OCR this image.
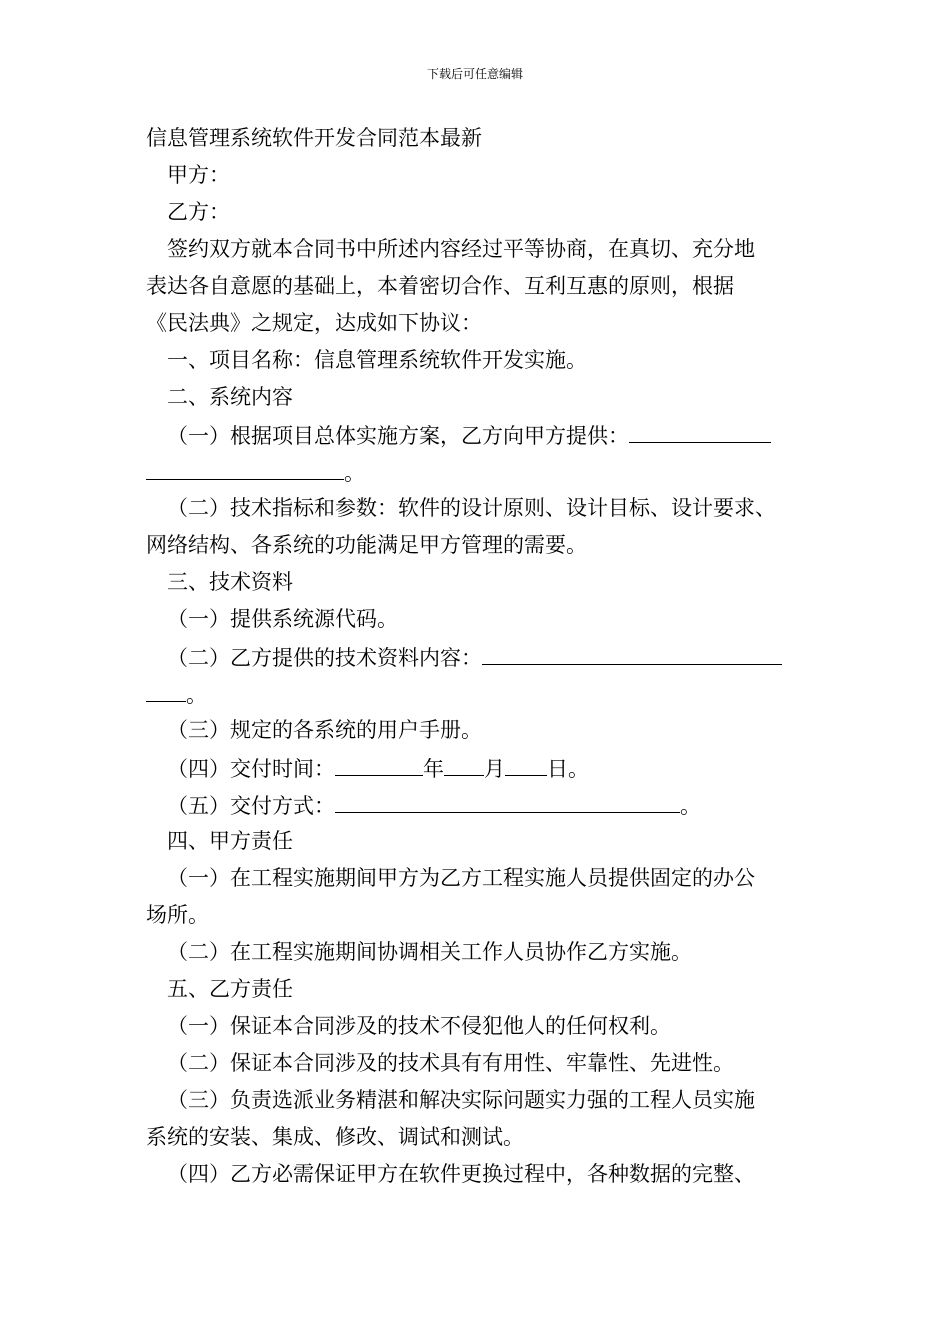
下载后可任意编辑
信息管理系统软件开发合同范本最新
甲方：
乙方：
签约双方就本合同书中所述内容经过平等协商，在真切、充分地
表达各自意愿的基础上，本着密切合作、互利互惠的原则，根据
《民法典》之规定，达成如下协议：
一、项目名称：信息管理系统软件开发实施。
二、系统内容
（一）根据项目总体实施方案，乙方向甲方提供：
。
（二）技术指标和参数：软件的设计原则、设计目标、设计要求、
网络结构、各系统的功能满足甲方管理的需要。
三、技术资料
（一）提供系统源代码。
（二）乙方提供的技术资料内容：
。
（三）规定的各系统的用户手册。
（四）交付时间：	年 月 日。
（五）交付方式：	。
四、甲方责任
（一）在工程实施期间甲方为乙方工程实施人员提供固定的办公
场所。
（二）在工程实施期间协调相关工作人员协作乙方实施。
五、乙方责任
（一）保证本合同涉及的技术不侵犯他人的任何权利。
（二）保证本合同涉及的技术具有有用性、牢靠性、先进性。
（三）负责选派业务精湛和解决实际问题实力强的工程人员实施
系统的安装、集成、修改、调试和测试。
（四）乙方必需保证甲方在软件更换过程中，各种数据的完整、
